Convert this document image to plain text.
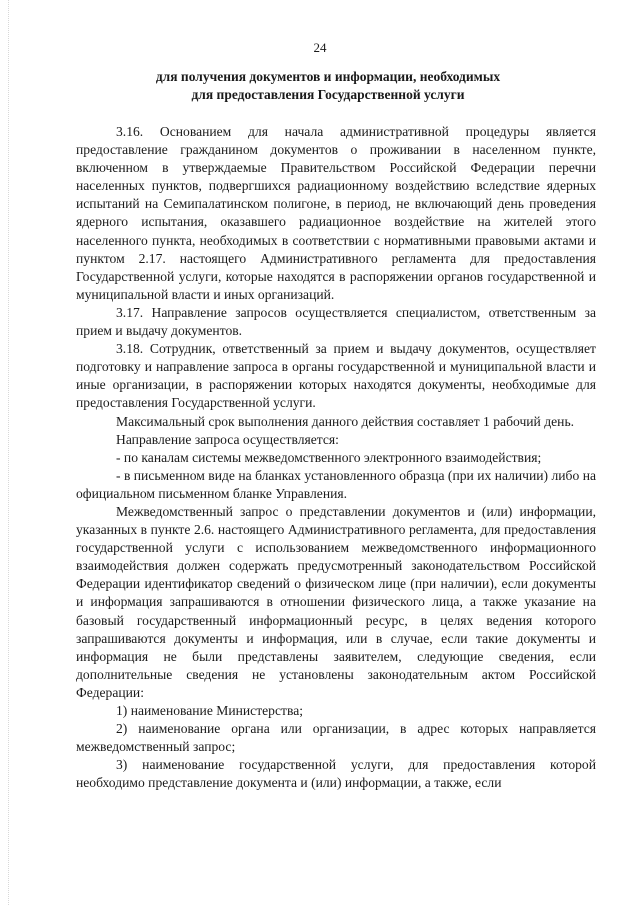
24
для получения документов и информации, необходимых
для предоставления Государственной услуги

3.16. Основанием для начала административной процедуры является предоставление гражданином документов о проживании в населенном пункте, включенном в утверждаемые Правительством Российской Федерации перечни населенных пунктов, подвергшихся радиационному воздействию вследствие ядерных испытаний на Семипалатинском полигоне, в период, не включающий день проведения ядерного испытания, оказавшего радиационное воздействие на жителей этого населенного пункта, необходимых в соответствии с нормативными правовыми актами и пунктом 2.17. настоящего Административного регламента для предоставления Государственной услуги, которые находятся в распоряжении органов государственной и муниципальной власти и иных организаций.

3.17. Направление запросов осуществляется специалистом, ответственным за прием и выдачу документов.

3.18. Сотрудник, ответственный за прием и выдачу документов, осуществляет подготовку и направление запроса в органы государственной и муниципальной власти и иные организации, в распоряжении которых находятся документы, необходимые для предоставления Государственной услуги.

Максимальный срок выполнения данного действия составляет 1 рабочий день.

Направление запроса осуществляется:

- по каналам системы межведомственного электронного взаимодействия;

- в письменном виде на бланках установленного образца (при их наличии) либо на официальном письменном бланке Управления.

Межведомственный запрос о представлении документов и (или) информации, указанных в пункте 2.6. настоящего Административного регламента, для предоставления государственной услуги с использованием межведомственного информационного взаимодействия должен содержать предусмотренный законодательством Российской Федерации идентификатор сведений о физическом лице (при наличии), если документы и информация запрашиваются в отношении физического лица, а также указание на базовый государственный информационный ресурс, в целях ведения которого запрашиваются документы и информация, или в случае, если такие документы и информация не были представлены заявителем, следующие сведения, если дополнительные сведения не установлены законодательным актом Российской Федерации:

1) наименование Министерства;

2) наименование органа или организации, в адрес которых направляется межведомственный запрос;

3) наименование государственной услуги, для предоставления которой необходимо представление документа и (или) информации, а также, если
